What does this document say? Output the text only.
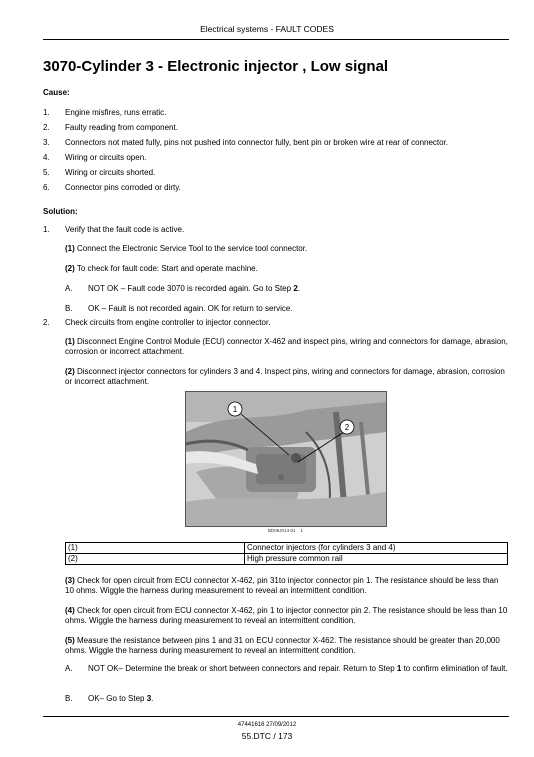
Electrical systems - FAULT CODES
3070-Cylinder 3 - Electronic injector , Low signal
Cause:
1.	Engine misfires, runs erratic.
2.	Faulty reading from component.
3.	Connectors not mated fully, pins not pushed into connector fully, bent pin or broken wire at rear of connector.
4.	Wiring or circuits open.
5.	Wiring or circuits shorted.
6.	Connector pins corroded or dirty.
Solution:
1.	Verify that the fault code is active.
(1) Connect the Electronic Service Tool to the service tool connector.
(2) To check for fault code: Start and operate machine.
A. NOT OK – Fault code 3070 is recorded again. Go to Step 2.
B. OK – Fault is not recorded again. OK for return to service.
2.	Check circuits from engine controller to injector connector.
(1) Disconnect Engine Control Module (ECU) connector X-462 and inspect pins, wiring and connectors for damage, abrasion, corrosion or incorrect attachment.
(2) Disconnect injector connectors for cylinders 3 and 4. Inspect pins, wiring and connectors for damage, abrasion, corrosion or incorrect attachment.
1
2
BD08J014-01 1
(1)	Connector injectors (for cylinders 3 and 4)
(2)	High pressure common rail
(3) Check for open circuit from ECU connector X-462, pin 31to injector connector pin 1. The resistance should be less than 10 ohms. Wiggle the harness during measurement to reveal an intermittent condition.
(4) Check for open circuit from ECU connector X-462, pin 1 to injector connector pin 2. The resistance should be less than 10 ohms. Wiggle the harness during measurement to reveal an intermittent condition.
(5) Measure the resistance between pins 1 and 31 on ECU connector X-462. The resistance should be greater than 20,000 ohms. Wiggle the harness during measurement to reveal an intermittent condition.
A. NOT OK– Determine the break or short between connectors and repair. Return to Step 1 to confirm elimination of fault.
B. OK– Go to Step 3.
47441616 27/09/2012
55.DTC / 173
